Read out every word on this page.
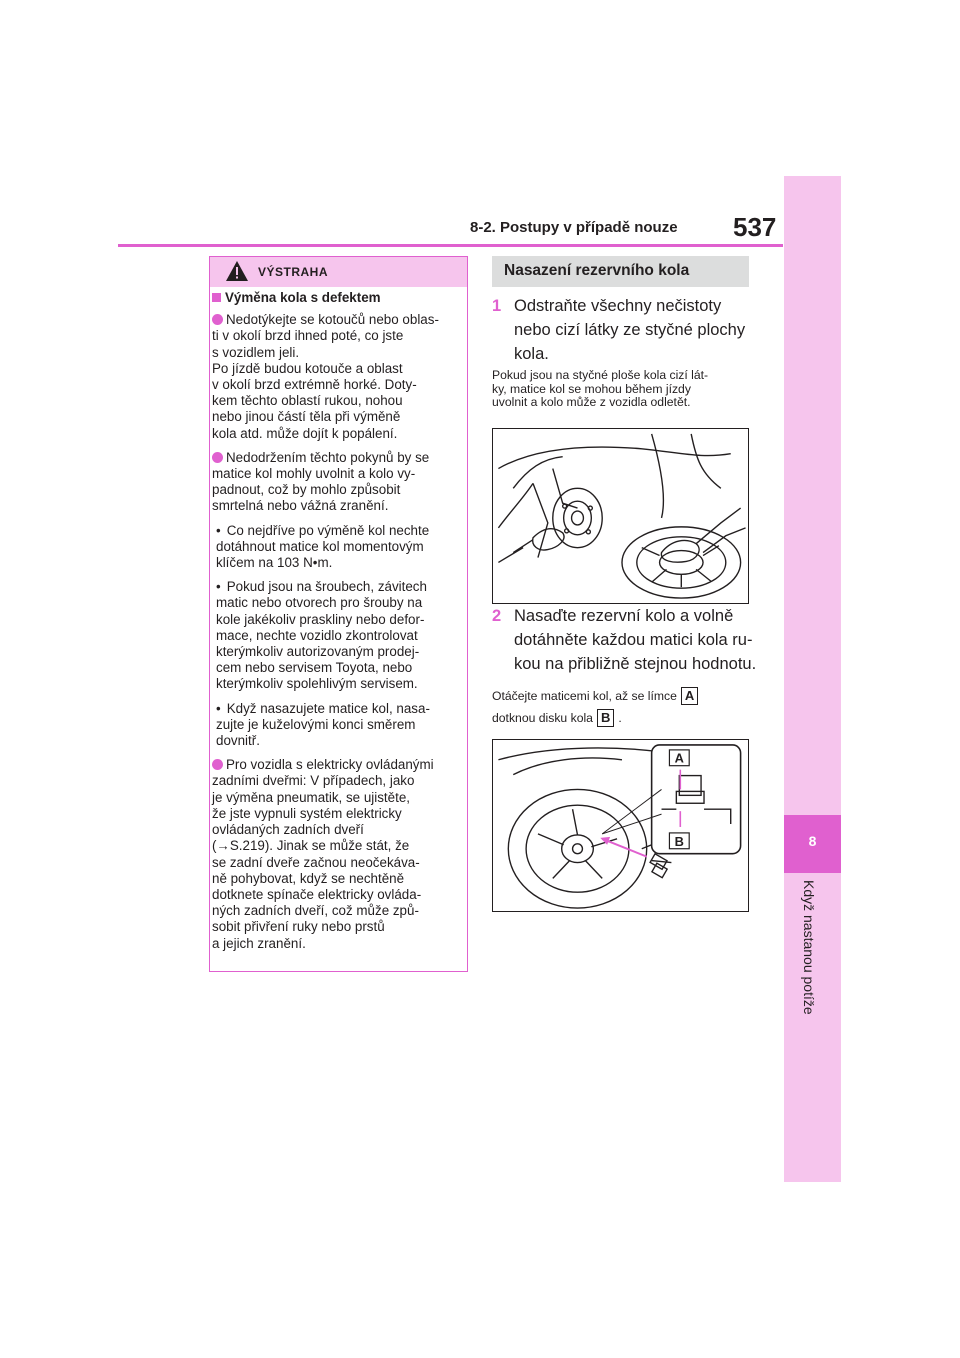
8
Když nastanou potíže
8-2. Postupy v případě nouze 537
VÝSTRAHA
Výměna kola s defektem
Nedotýkejte se kotoučů nebo oblas-
ti v okolí brzd ihned poté, co jste
s vozidlem jeli.
Po jízdě budou kotouče a oblast
v okolí brzd extrémně horké. Doty-
kem těchto oblastí rukou, nohou
nebo jinou částí těla při výměně
kola atd. může dojít k popálení.
Nedodržením těchto pokynů by se
matice kol mohly uvolnit a kolo vy-
padnout, což by mohlo způsobit
smrtelná nebo vážná zranění.
• Co nejdříve po výměně kol nechte
dotáhnout matice kol momentovým
klíčem na 103 N•m.
• Pokud jsou na šroubech, závitech
matic nebo otvorech pro šrouby na
kole jakékoliv praskliny nebo defor-
mace, nechte vozidlo zkontrolovat
kterýmkoliv autorizovaným prodej-
cem nebo servisem Toyota, nebo
kterýmkoliv spolehlivým servisem.
• Když nasazujete matice kol, nasa-
zujte je kuželovými konci směrem
dovnitř.
Pro vozidla s elektricky ovládanými
zadními dveřmi: V případech, jako
je výměna pneumatik, se ujistěte,
že jste vypnuli systém elektricky
ovládaných zadních dveří
(→S.219). Jinak se může stát, že
se zadní dveře začnou neočekáva-
ně pohybovat, když se nechtěně
dotknete spínače elektricky ovláda-
ných zadních dveří, což může způ-
sobit přivření ruky nebo prstů
a jejich zranění.
Nasazení rezervního kola
1 Odstraňte všechny nečistoty
nebo cizí látky ze styčné plochy
kola.
Pokud jsou na styčné ploše kola cizí lát-
ky, matice kol se mohou během jízdy
uvolnit a kolo může z vozidla odletět.
2 Nasaďte rezervní kolo a volně
dotáhněte každou matici kola ru-
kou na přibližně stejnou hodnotu.
Otáčejte maticemi kol, až se límce A
dotknou disku kola B .
A
B
